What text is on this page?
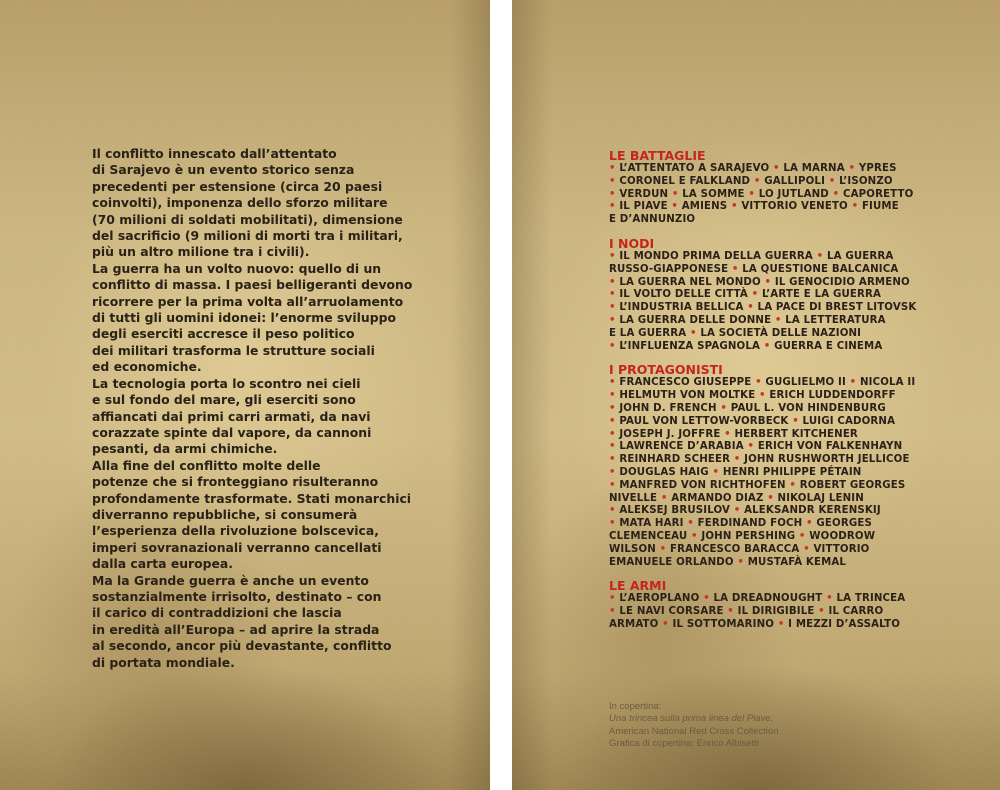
Il conflitto innescato dall’attentato
di Sarajevo è un evento storico senza
precedenti per estensione (circa 20 paesi
coinvolti), imponenza dello sforzo militare
(70 milioni di soldati mobilitati), dimensione
del sacrificio (9 milioni di morti tra i militari,
più un altro milione tra i civili).
La guerra ha un volto nuovo: quello di un
conflitto di massa. I paesi belligeranti devono
ricorrere per la prima volta all’arruolamento
di tutti gli uomini idonei: l’enorme sviluppo
degli eserciti accresce il peso politico
dei militari trasforma le strutture sociali
ed economiche.
La tecnologia porta lo scontro nei cieli
e sul fondo del mare, gli eserciti sono
affiancati dai primi carri armati, da navi
corazzate spinte dal vapore, da cannoni
pesanti, da armi chimiche.
Alla fine del conflitto molte delle
potenze che si fronteggiano risulteranno
profondamente trasformate. Stati monarchici
diverranno repubbliche, si consumerà
l’esperienza della rivoluzione bolscevica,
imperi sovranazionali verranno cancellati
dalla carta europea.
Ma la Grande guerra è anche un evento
sostanzialmente irrisolto, destinato – con
il carico di contraddizioni che lascia
in eredità all’Europa – ad aprire la strada
al secondo, ancor più devastante, conflitto
di portata mondiale.
LE BATTAGLIE
• L’ATTENTATO A SARAJEVO • LA MARNA • YPRES
• CORONEL E FALKLAND • GALLIPOLI • L’ISONZO
• VERDUN • LA SOMME • LO JUTLAND • CAPORETTO
• IL PIAVE • AMIENS • VITTORIO VENETO • FIUME
E D’ANNUNZIO
I NODI
• IL MONDO PRIMA DELLA GUERRA • LA GUERRA
RUSSO-GIAPPONESE • LA QUESTIONE BALCANICA
• LA GUERRA NEL MONDO • IL GENOCIDIO ARMENO
• IL VOLTO DELLE CITTÀ • L’ARTE E LA GUERRA
• L’INDUSTRIA BELLICA • LA PACE DI BREST LITOVSK
• LA GUERRA DELLE DONNE • LA LETTERATURA
E LA GUERRA • LA SOCIETÀ DELLE NAZIONI
• L’INFLUENZA SPAGNOLA • GUERRA E CINEMA
I PROTAGONISTI
• FRANCESCO GIUSEPPE • GUGLIELMO II • NICOLA II
• HELMUTH VON MOLTKE • ERICH LUDDENDORFF
• JOHN D. FRENCH • PAUL L. VON HINDENBURG
• PAUL VON LETTOW-VORBECK • LUIGI CADORNA
• JOSEPH J. JOFFRE • HERBERT KITCHENER
• LAWRENCE D’ARABIA • ERICH VON FALKENHAYN
• REINHARD SCHEER • JOHN RUSHWORTH JELLICOE
• DOUGLAS HAIG • HENRI PHILIPPE PÉTAIN
• MANFRED VON RICHTHOFEN • ROBERT GEORGES
NIVELLE • ARMANDO DIAZ • NIKOLAJ LENIN
• ALEKSEJ BRUSILOV • ALEKSANDR KERENSKIJ
• MATA HARI • FERDINAND FOCH • GEORGES
CLEMENCEAU • JOHN PERSHING • WOODROW
WILSON • FRANCESCO BARACCA • VITTORIO
EMANUELE ORLANDO • MUSTAFÀ KEMAL
LE ARMI
• L’AEROPLANO • LA DREADNOUGHT • LA TRINCEA
• LE NAVI CORSARE • IL DIRIGIBILE • IL CARRO
ARMATO • IL SOTTOMARINO • I MEZZI D’ASSALTO
In copertina:
Una trincea sulla prima linea del Piave,
American National Red Cross Collection
Grafica di copertina: Enrico Albisetti
